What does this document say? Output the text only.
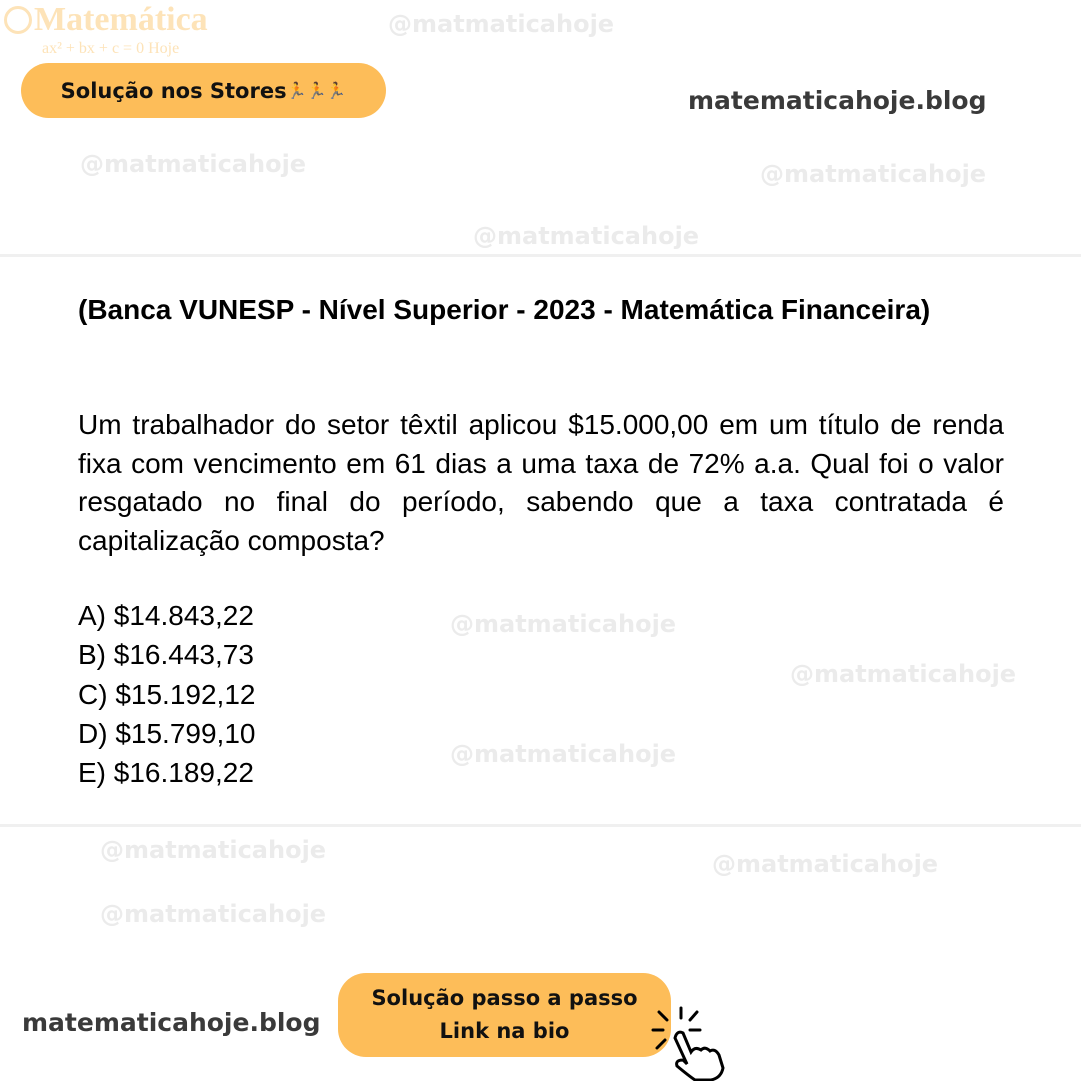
@matmaticahoje
@matmaticahoje
@matmaticahoje	@matmaticahoje
@matmaticahoje
@matmaticahoje
@matmaticahoje
@matmaticahoje
@matmaticahoje	@matmaticahoje
Matemática
ax² + bx + c = 0 Hoje
Solução nos Stores 🏃🏃🏃	matematicahoje.blog
(Banca VUNESP - Nível Superior - 2023 - Matemática Financeira)
Um trabalhador do setor têxtil aplicou $15.000,00 em um título de renda fixa com vencimento em 61 dias a uma taxa de 72% a.a. Qual foi o valor resgatado no final do período, sabendo que a taxa contratada é capitalização composta?
A) $14.843,22
B) $16.443,73
C) $15.192,12
D) $15.799,10
E) $16.189,22
matematicahoje.blog
Solução passo a passo
Link na bio
